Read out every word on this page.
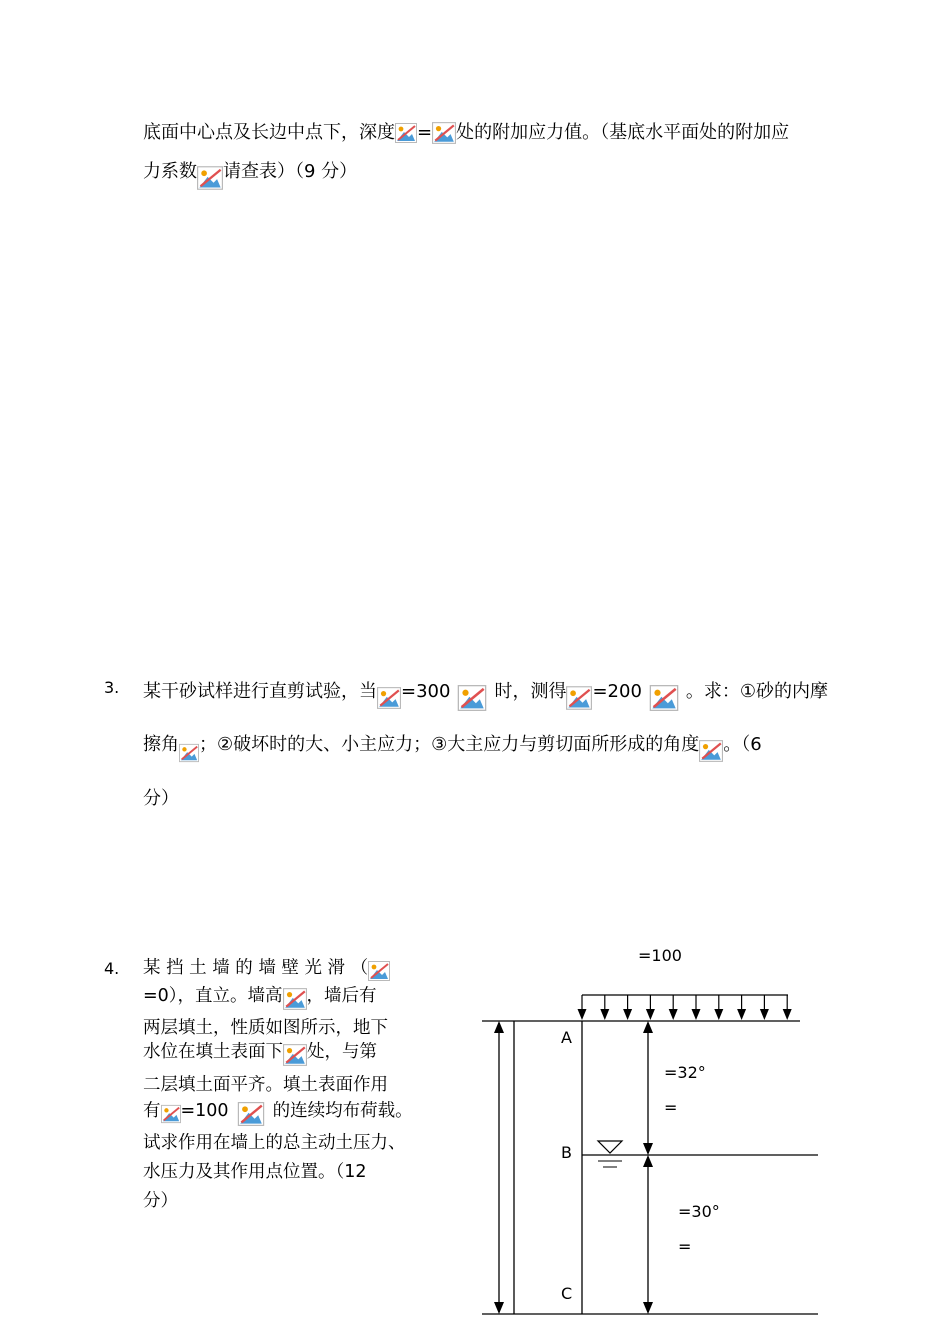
底面中心点及长边中点下，深度 = 处的附加应力值。（基底水平面处的附加应
力系数 请查表）（9 分）
3. 某干砂试样进行直剪试验，当 =300 时，测得 =200 。求：①砂的内摩
擦角 ；②破坏时的大、小主应力；③大主应力与剪切面所形成的角度 。（6
分）
4. 某 挡 土 墙 的 墙 壁 光 滑 （
=0），直立。墙高 ，墙后有
两层填土，性质如图所示，地下
水位在填土表面下 处，与第
二层填土面平齐。填土表面作用
有 =100	的连续均布荷载。
试求作用在墙上的总主动土压力、
水压力及其作用点位置。（12
分）
=100
A
B
C
=32°
=
=30°
=
